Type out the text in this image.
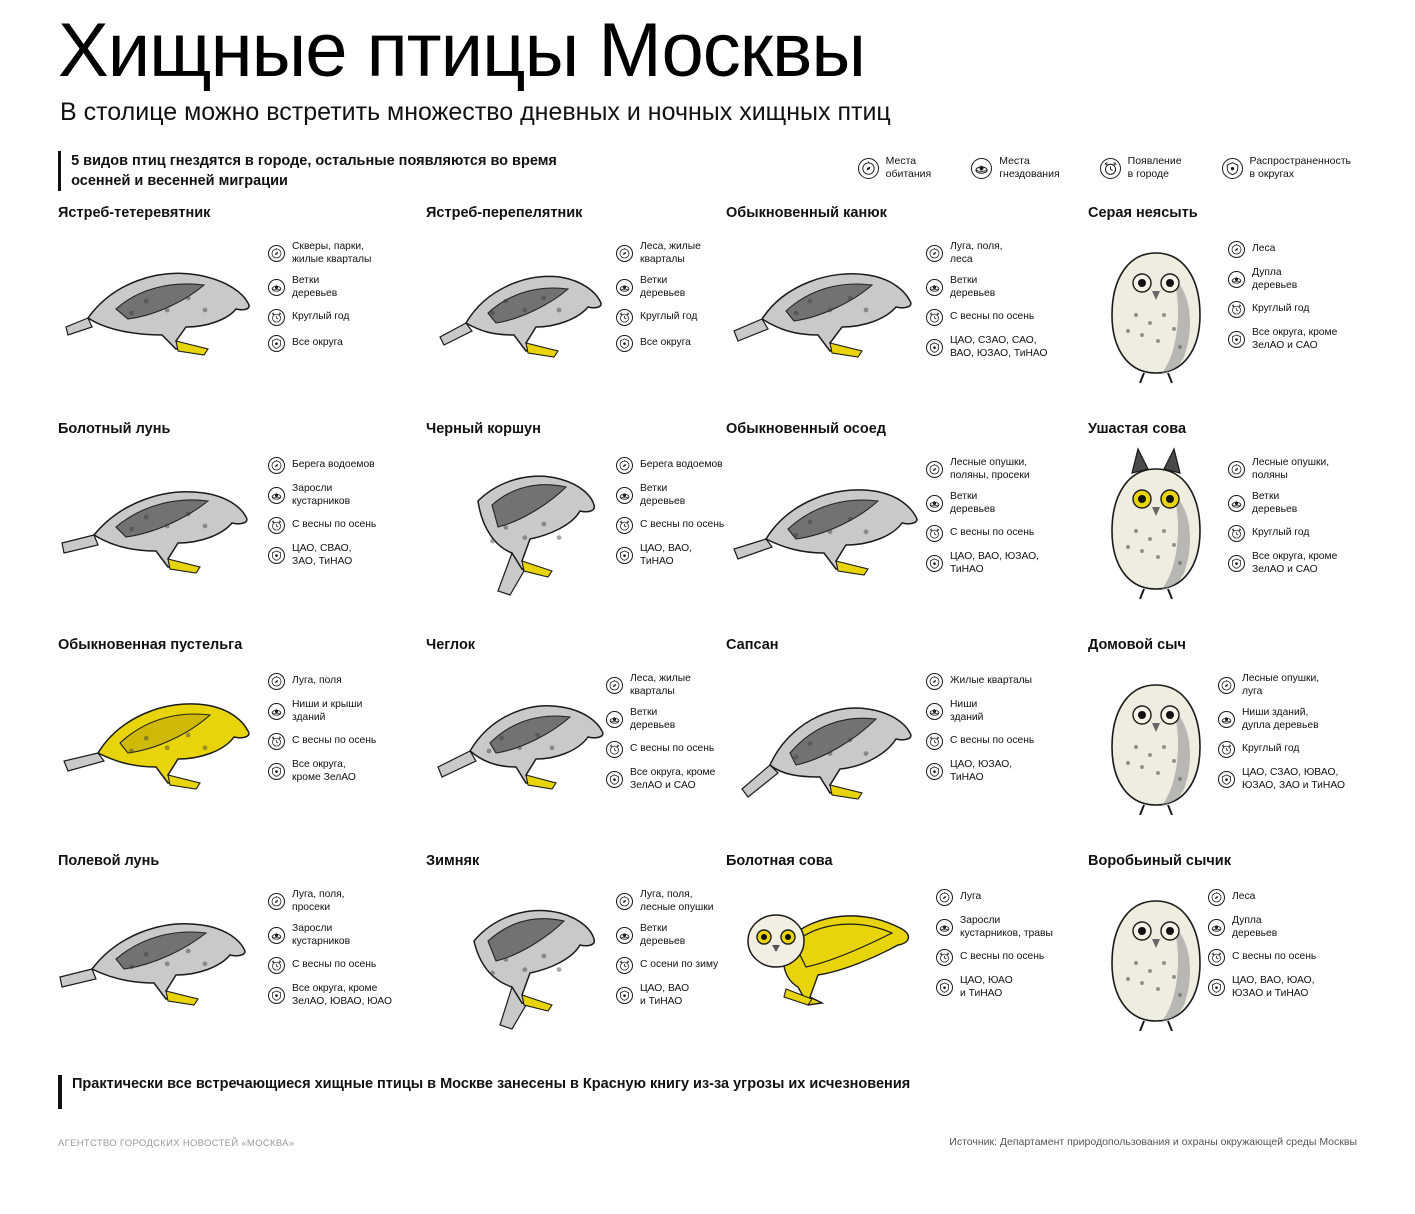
Хищные птицы Москвы
В столице можно встретить множество дневных и ночных хищных птиц
5 видов птиц гнездятся в городе, остальные появляются во время осенней и весенней миграции
Места
обитания
Места
гнездования
Появление
в городе
Распространенность
в округах
Ястреб-тетеревятник
Скверы, парки,
жилые кварталы
Ветки
деревьев
Круглый год
Все округа
Ястреб-перепелятник
Леса, жилые
кварталы
Ветки
деревьев
Круглый год
Все округа
Обыкновенный канюк
Луга, поля,
леса
Ветки
деревьев
С весны по осень
ЦАО, СЗАО, САО,
ВАО, ЮЗАО, ТиНАО
Серая неясыть
Леса
Дупла
деревьев
Круглый год
Все округа, кроме
ЗелАО и САО
Болотный лунь
Берега водоемов
Заросли
кустарников
С весны по осень
ЦАО, СВАО,
ЗАО, ТиНАО
Черный коршун
Берега водоемов
Ветки
деревьев
С весны по осень
ЦАО, ВАО,
ТиНАО
Обыкновенный осоед
Лесные опушки,
поляны, просеки
Ветки
деревьев
С весны по осень
ЦАО, ВАО, ЮЗАО,
ТиНАО
Ушастая сова
Лесные опушки,
поляны
Ветки
деревьев
Круглый год
Все округа, кроме
ЗелАО и САО
Обыкновенная пустельга
Луга, поля
Ниши и крыши
зданий
С весны по осень
Все округа,
кроме ЗелАО
Чеглок
Леса, жилые
кварталы
Ветки
деревьев
С весны по осень
Все округа, кроме
ЗелАО и САО
Сапсан
Жилые кварталы
Ниши
зданий
С весны по осень
ЦАО, ЮЗАО,
ТиНАО
Домовой сыч
Лесные опушки,
луга
Ниши зданий,
дупла деревьев
Круглый год
ЦАО, СЗАО, ЮВАО,
ЮЗАО, ЗАО и ТиНАО
Полевой лунь
Луга, поля,
просеки
Заросли
кустарников
С весны по осень
Все округа, кроме
ЗелАО, ЮВАО, ЮАО
Зимняк
Луга, поля,
лесные опушки
Ветки
деревьев
С осени по зиму
ЦАО, ВАО
и ТиНАО
Болотная сова
Луга
Заросли
кустарников, травы
С весны по осень
ЦАО, ЮАО
и ТиНАО
Воробьиный сычик
Леса
Дупла
деревьев
С весны по осень
ЦАО, ВАО, ЮАО,
ЮЗАО и ТиНАО
Практически все встречающиеся хищные птицы в Москве занесены в Красную книгу из-за угрозы их исчезновения
АГЕНТСТВО ГОРОДСКИХ НОВОСТЕЙ «МОСКВА»	Источник: Департамент природопользования и охраны окружающей среды Москвы
